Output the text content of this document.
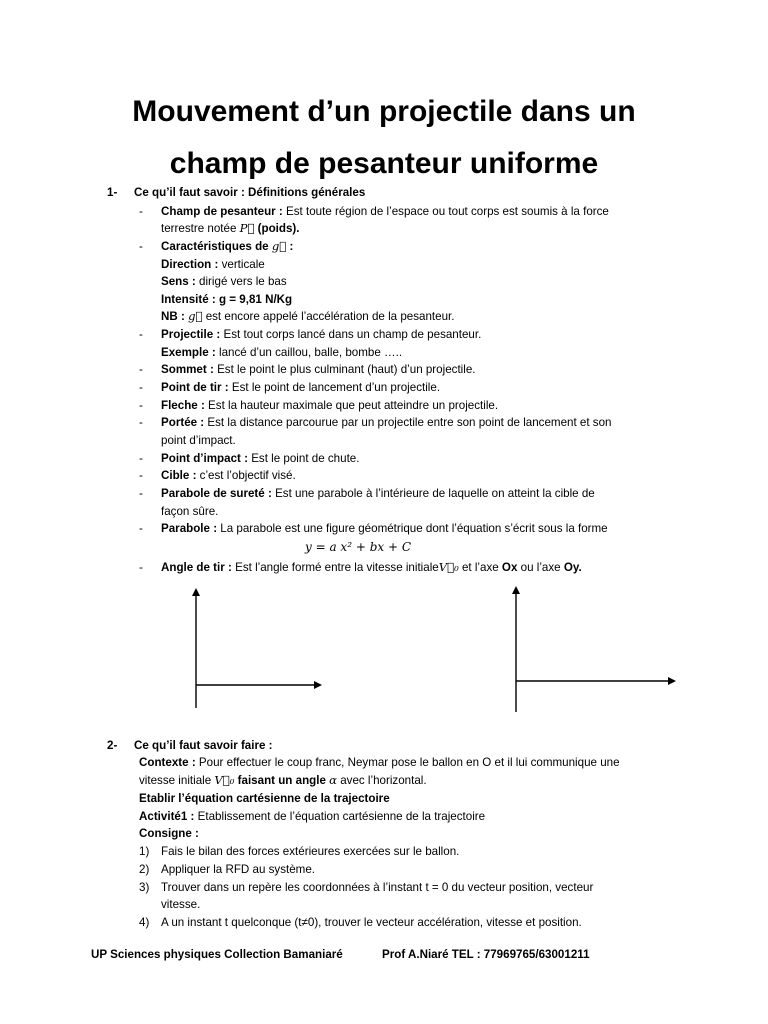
Mouvement d’un projectile dans un
champ de pesanteur uniforme
1- Ce qu’il faut savoir : Définitions générales
- Champ de pesanteur : Est toute région de l’espace ou tout corps est soumis à la force
terrestre notée P⃗ (poids).
- Caractéristiques de g⃗ :
Direction : verticale
Sens : dirigé vers le bas
Intensité : g = 9,81 N/Kg
NB : g⃗ est encore appelé l’accélération de la pesanteur.
- Projectile : Est tout corps lancé dans un champ de pesanteur.
Exemple : lancé d’un caillou, balle, bombe …..
- Sommet : Est le point le plus culminant (haut) d’un projectile.
- Point de tir : Est le point de lancement d’un projectile.
- Fleche : Est la hauteur maximale que peut atteindre un projectile.
- Portée : Est la distance parcourue par un projectile entre son point de lancement et son
point d’impact.
- Point d’impact : Est le point de chute.
- Cible : c’est l’objectif visé.
- Parabole de sureté : Est une parabole à l’intérieure de laquelle on atteint la cible de
façon sûre.
- Parabole : La parabole est une figure géométrique dont l’équation s’écrit sous la forme
y = a x² + bx + C
- Angle de tir : Est l’angle formé entre la vitesse initialeV⃗₀ et l’axe Ox ou l’axe Oy.
2- Ce qu’il faut savoir faire :
Contexte : Pour effectuer le coup franc, Neymar pose le ballon en O et il lui communique une
vitesse initiale V⃗₀ faisant un angle α avec l’horizontal.
Etablir l’équation cartésienne de la trajectoire
Activité1 : Etablissement de l’équation cartésienne de la trajectoire
Consigne :
1) Fais le bilan des forces extérieures exercées sur le ballon.
2) Appliquer la RFD au système.
3) Trouver dans un repère les coordonnées à l’instant t = 0 du vecteur position, vecteur
vitesse.
4) A un instant t quelconque (t≠0), trouver le vecteur accélération, vitesse et position.
UP Sciences physiques Collection Bamaniaré	Prof A.Niaré TEL : 77969765/63001211
